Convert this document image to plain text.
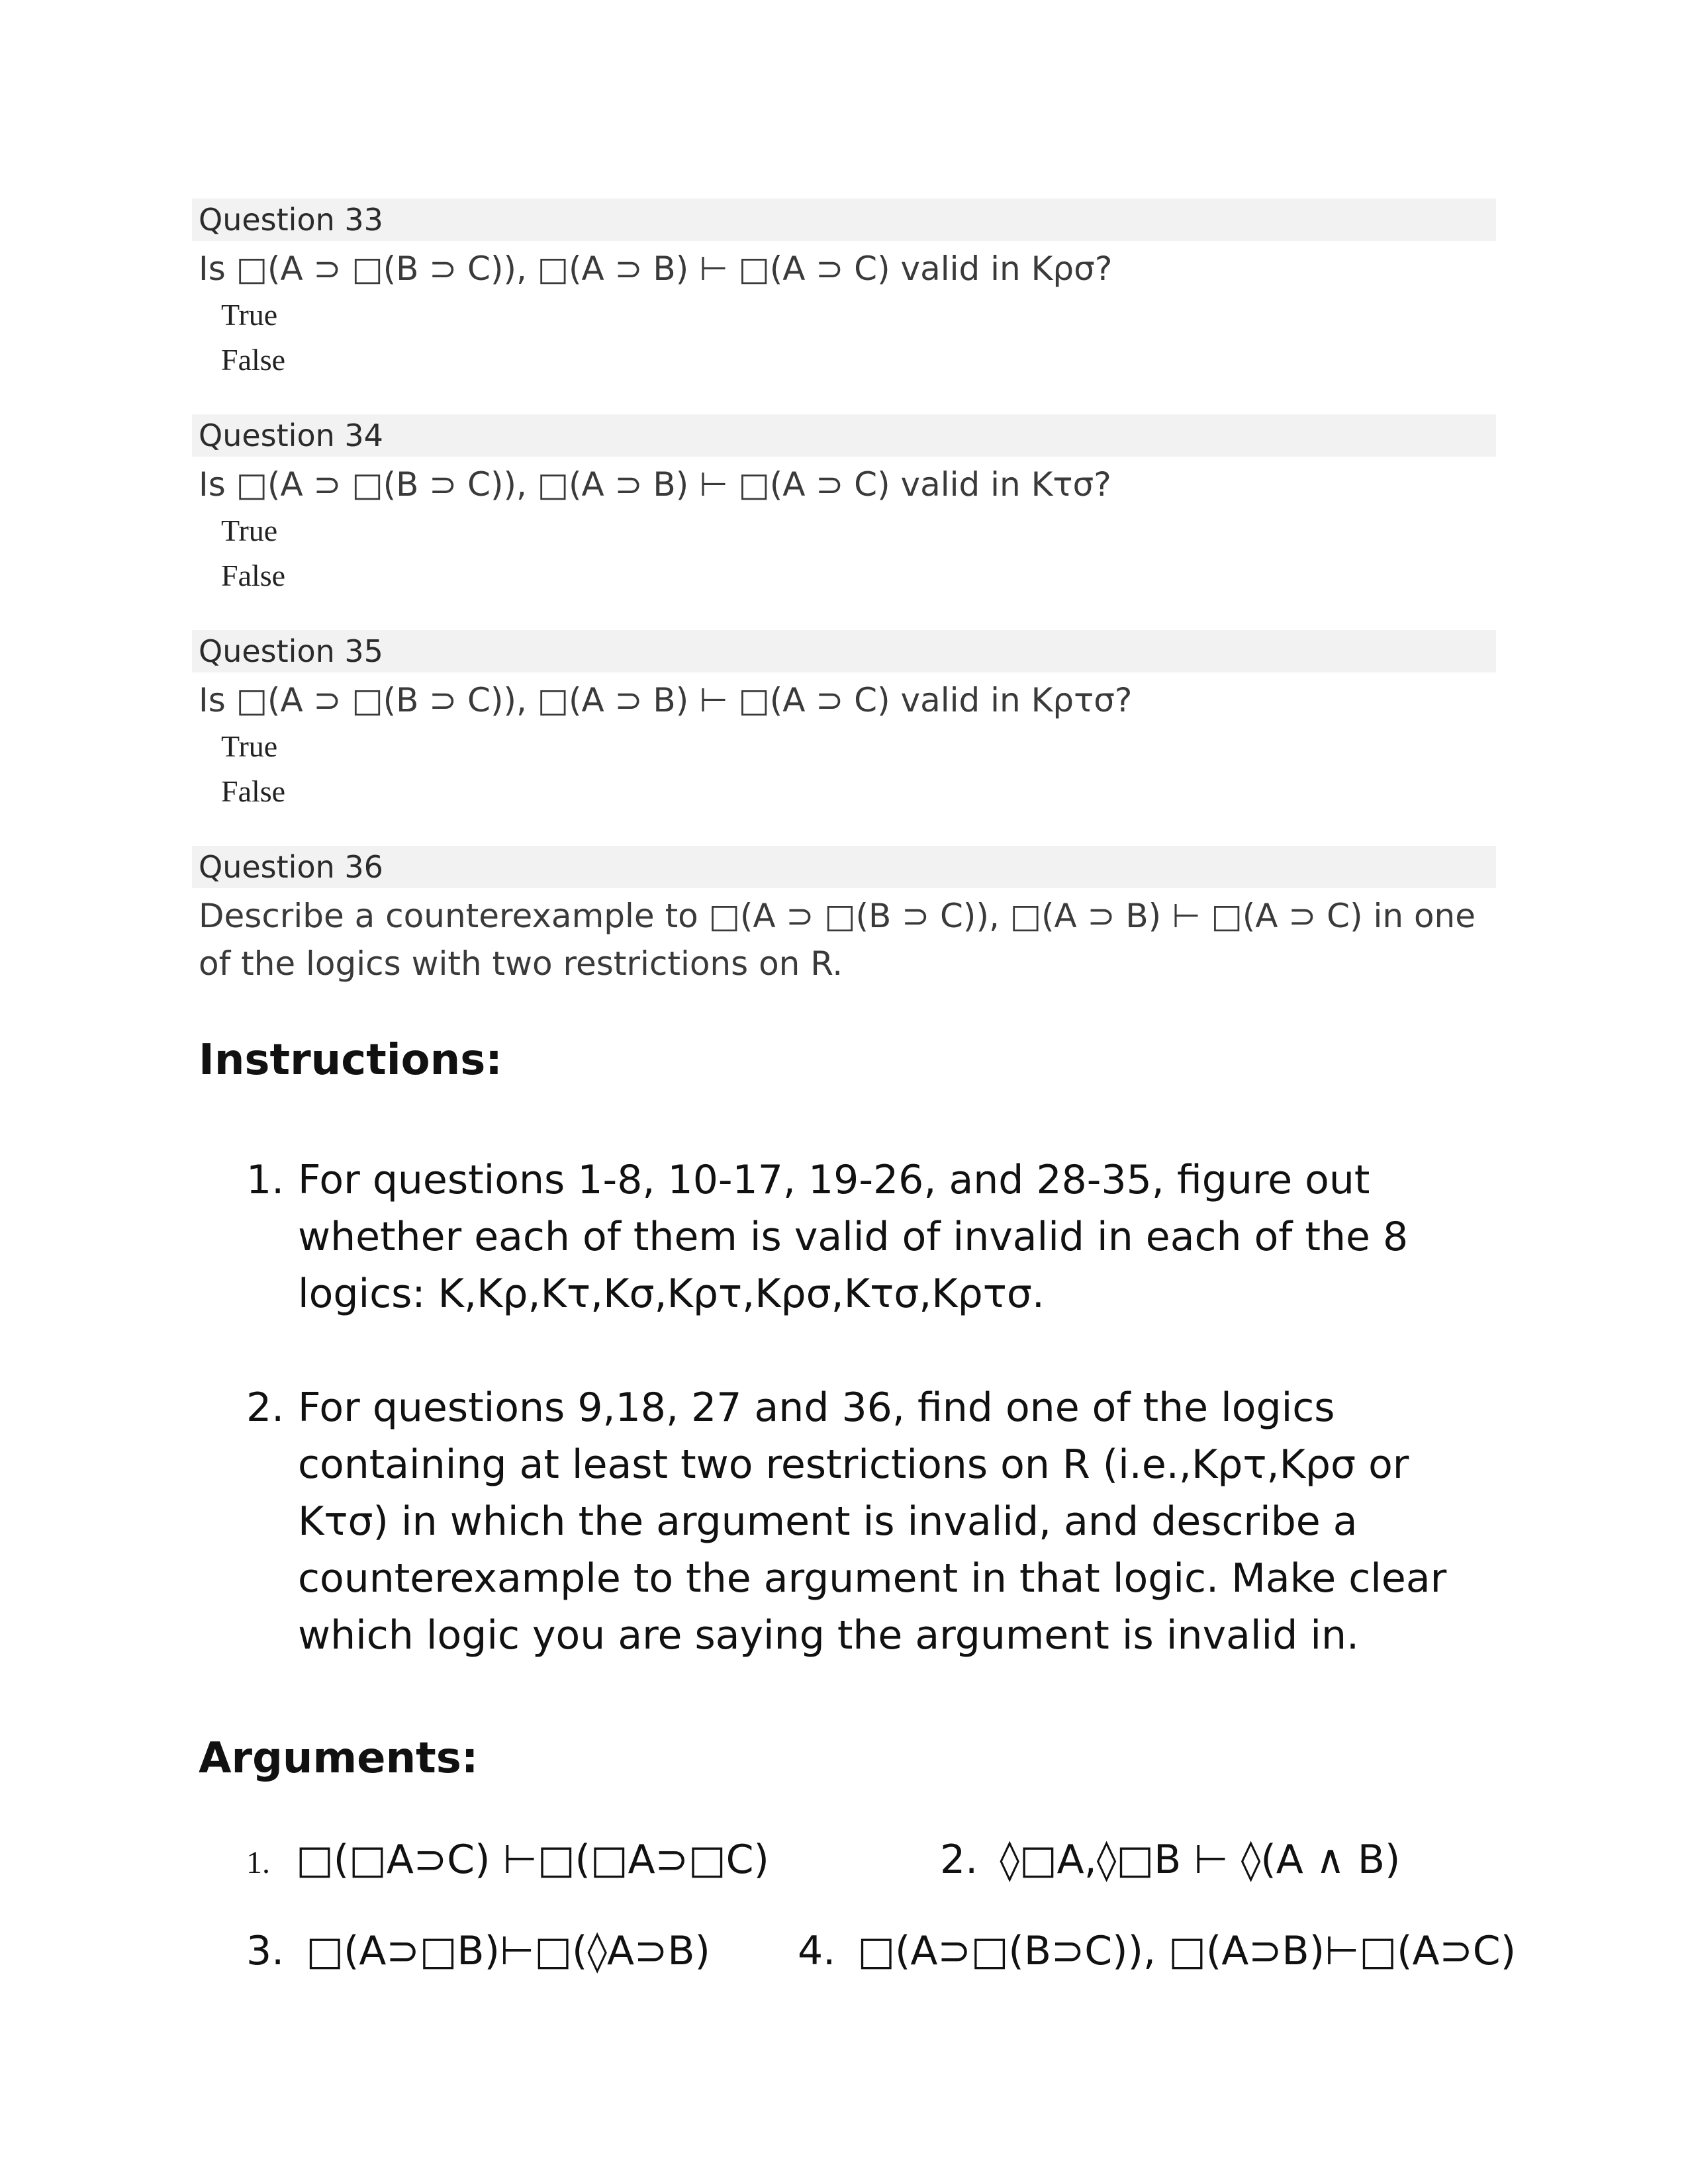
Question 33
Is □(A ⊃ □(B ⊃ C)), □(A ⊃ B) ⊢ □(A ⊃ C) valid in Kρσ?
True
False
Question 34
Is □(A ⊃ □(B ⊃ C)), □(A ⊃ B) ⊢ □(A ⊃ C) valid in Kτσ?
True
False
Question 35
Is □(A ⊃ □(B ⊃ C)), □(A ⊃ B) ⊢ □(A ⊃ C) valid in Kρτσ?
True
False
Question 36
Describe a counterexample to □(A ⊃ □(B ⊃ C)), □(A ⊃ B) ⊢ □(A ⊃ C) in one of the logics with two restrictions on R.
Instructions:
1. For questions 1-8, 10-17, 19-26, and 28-35, figure out whether each of them is valid of invalid in each of the 8 logics: K,Kρ,Kτ,Kσ,Kρτ,Kρσ,Kτσ,Kρτσ.
2. For questions 9,18, 27 and 36, find one of the logics containing at least two restrictions on R (i.e.,Kρτ,Kρσ or Kτσ) in which the argument is invalid, and describe a counterexample to the argument in that logic. Make clear which logic you are saying the argument is invalid in.
Arguments:
1. □(□A⊃C) ⊢□(□A⊃□C)	2. ◊□A,◊□B ⊢ ◊(A ∧ B)
3. □(A⊃□B)⊢□(◊A⊃B) 4. □(A⊃□(B⊃C)), □(A⊃B)⊢□(A⊃C)
